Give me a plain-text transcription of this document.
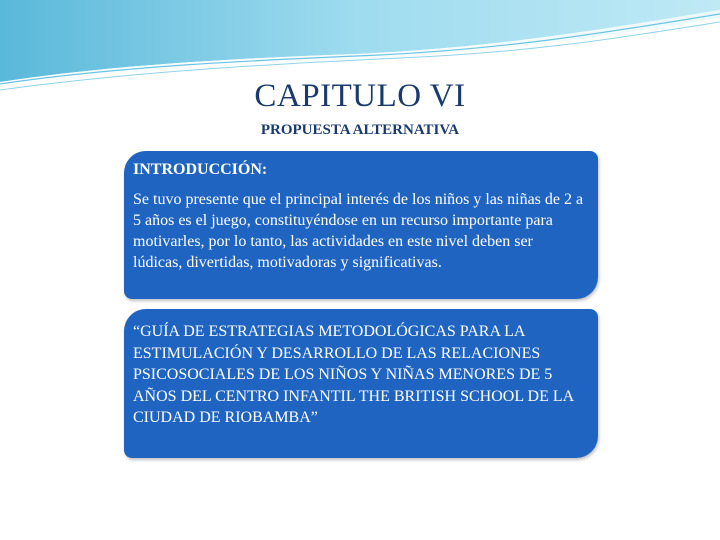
CAPITULO VI
PROPUESTA ALTERNATIVA

INTRODUCCIÓN:

Se tuvo presente que el principal interés de los niños y las niñas de 2 a 5 años es el juego, constituyéndose en un recurso importante para motivarles, por lo tanto, las actividades en este nivel deben ser lúdicas, divertidas, motivadoras y significativas.

“GUÍA DE ESTRATEGIAS METODOLÓGICAS PARA LA ESTIMULACIÓN Y DESARROLLO DE LAS RELACIONES PSICOSOCIALES DE LOS NIÑOS Y NIÑAS MENORES DE 5 AÑOS DEL CENTRO INFANTIL THE BRITISH SCHOOL DE LA CIUDAD DE RIOBAMBA”
